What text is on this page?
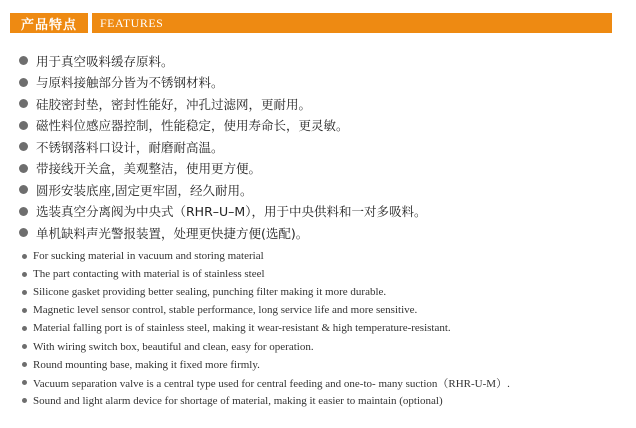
产品特点	FEATURES
用于真空吸料缓存原料。
与原料接触部分皆为不锈钢材料。
硅胶密封垫，密封性能好，冲孔过滤网，更耐用。
磁性料位感应器控制，性能稳定，使用寿命长，更灵敏。
不锈钢落料口设计，耐磨耐高温。
带接线开关盒，美观整洁，使用更方便。
圆形安装底座,固定更牢固，经久耐用。
选装真空分离阀为中央式（RHR–U–M），用于中央供料和一对多吸料。
单机缺料声光警报装置，处理更快捷方便(选配)。
For sucking material in vacuum and storing material
The part contacting with material is of stainless steel
Silicone gasket providing better sealing, punching filter making it more durable.
Magnetic level sensor control, stable performance, long service life and more sensitive.
Material falling port is of stainless steel, making it wear-resistant & high temperature-resistant.
With wiring switch box, beautiful and clean, easy for operation.
Round mounting base, making it fixed more firmly.
Vacuum separation valve is a central type used for central feeding and one-to- many suction（RHR-U-M）.
Sound and light alarm device for shortage of material, making it easier to maintain (optional)
